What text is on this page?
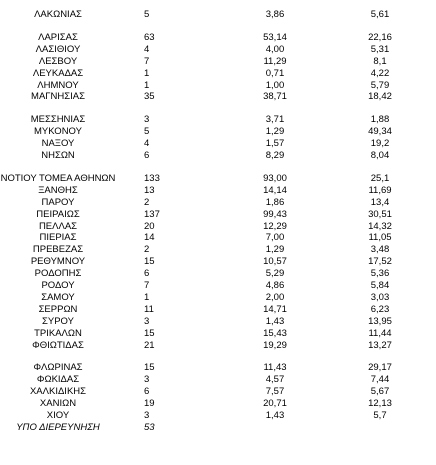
ΛΑΚΩΝΙΑΣ	5	3,86	5,61
ΛΑΡΙΣΑΣ	63	53,14	22,16
ΛΑΣΙΘΙΟΥ	4	4,00	5,31
ΛΕΣΒΟΥ	7	11,29	8,1
ΛΕΥΚΑΔΑΣ	1	0,71	4,22
ΛΗΜΝΟΥ	1	1,00	5,79
ΜΑΓΝΗΣΙΑΣ	35	38,71	18,42
ΜΕΣΣΗΝΙΑΣ	3	3,71	1,88
ΜΥΚΟΝΟΥ	5	1,29	49,34
ΝΑΞΟΥ	4	1,57	19,2
ΝΗΣΩΝ	6	8,29	8,04
ΝΟΤΙΟΥ ΤΟΜΕΑ ΑΘΗΝΩΝ	133	93,00	25,1
ΞΑΝΘΗΣ	13	14,14	11,69
ΠΑΡΟΥ	2	1,86	13,4
ΠΕΙΡΑΙΩΣ	137	99,43	30,51
ΠΕΛΛΑΣ	20	12,29	14,32
ΠΙΕΡΙΑΣ	14	7,00	11,05
ΠΡΕΒΕΖΑΣ	2	1,29	3,48
ΡΕΘΥΜΝΟΥ	15	10,57	17,52
ΡΟΔΟΠΗΣ	6	5,29	5,36
ΡΟΔΟΥ	7	4,86	5,84
ΣΑΜΟΥ	1	2,00	3,03
ΣΕΡΡΩΝ	11	14,71	6,23
ΣΥΡΟΥ	3	1,43	13,95
ΤΡΙΚΑΛΩΝ	15	15,43	11,44
ΦΘΙΩΤΙΔΑΣ	21	19,29	13,27
ΦΛΩΡΙΝΑΣ	15	11,43	29,17
ΦΩΚΙΔΑΣ	3	4,57	7,44
ΧΑΛΚΙΔΙΚΗΣ	6	7,57	5,67
ΧΑΝΙΩΝ	19	20,71	12,13
ΧΙΟΥ	3	1,43	5,7
ΥΠΟ ΔΙΕΡΕΥΝΗΣΗ	53
